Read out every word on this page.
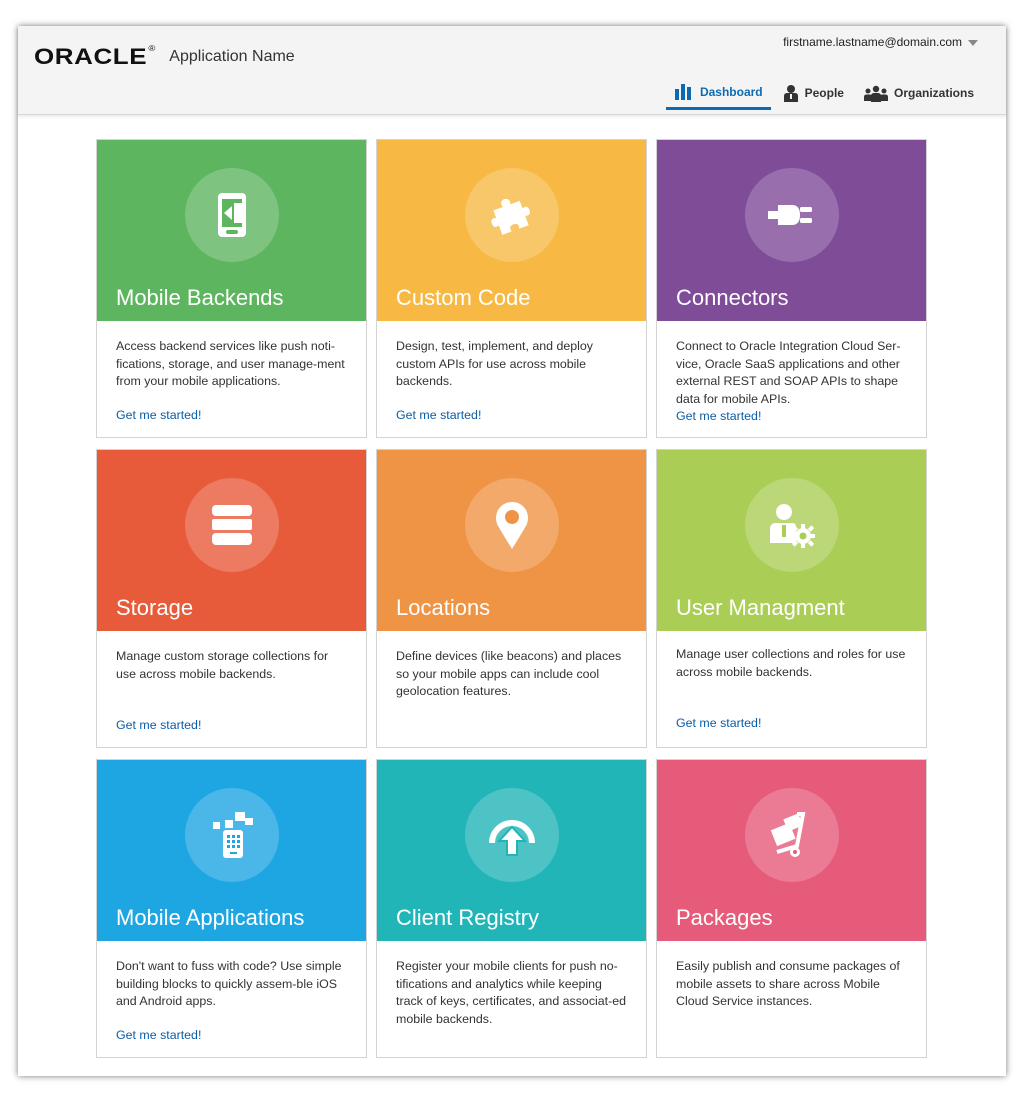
ORACLE® Application Name
firstname.lastname@domain.com
Dashboard	People	Organizations
Mobile Backends
Access backend services like push noti-fications, storage, and user manage-ment from your mobile applications.
Get me started!
Custom Code
Design, test, implement, and deploy custom APIs for use across mobile backends.
Get me started!
Connectors
Connect to Oracle Integration Cloud Ser-vice, Oracle SaaS applications and other external REST and SOAP APIs to shape data for mobile APIs.
Get me started!
Storage
Manage custom storage collections for use across mobile backends.
Get me started!
Locations
Define devices (like beacons) and places so your mobile apps can include cool geolocation features.
User Managment
Manage user collections and roles for use across mobile backends.
Get me started!
Mobile Applications
Don't want to fuss with code? Use simple building blocks to quickly assem-ble iOS and Android apps.
Get me started!
Client Registry
Register your mobile clients for push no-tifications and analytics while keeping track of keys, certificates, and associat-ed mobile backends.
Packages
Easily publish and consume packages of mobile assets to share across Mobile Cloud Service instances.
